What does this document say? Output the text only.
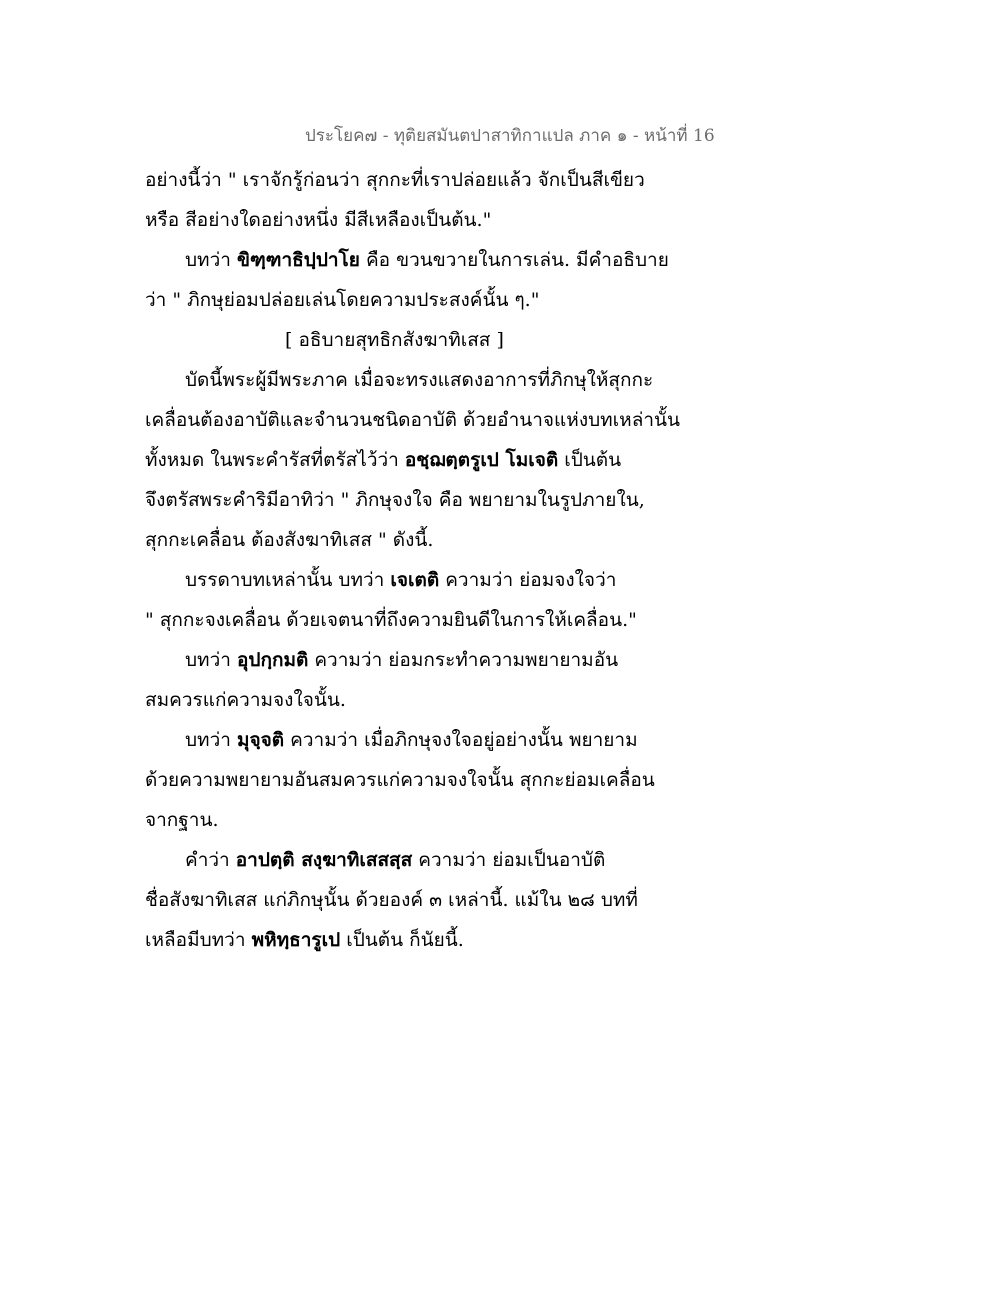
ประโยค๗ - ทุติยสมันตปาสาทิกาแปล ภาค ๑ - หน้าที่ 16
อย่างนี้ว่า " เราจักรู้ก่อนว่า สุกกะที่เราปล่อยแล้ว จักเป็นสีเขียว
หรือ สีอย่างใดอย่างหนึ่ง มีสีเหลืองเป็นต้น."
บทว่า ขิฑฺฑาธิปฺปาโย คือ ขวนขวายในการเล่น. มีคำอธิบาย
ว่า " ภิกษุย่อมปล่อยเล่นโดยความประสงค์นั้น ๆ."
[ อธิบายสุทธิกสังฆาทิเสส ]
บัดนี้พระผู้มีพระภาค เมื่อจะทรงแสดงอาการที่ภิกษุให้สุกกะ
เคลื่อนต้องอาบัติและจำนวนชนิดอาบัติ ด้วยอำนาจแห่งบทเหล่านั้น
ทั้งหมด ในพระคำรัสที่ตรัสไว้ว่า อชฺฌตฺตรูเป โมเจติ เป็นต้น
จึงตรัสพระคำริมีอาทิว่า " ภิกษุจงใจ คือ พยายามในรูปภายใน,
สุกกะเคลื่อน ต้องสังฆาทิเสส " ดังนี้.
บรรดาบทเหล่านั้น บทว่า เจเตติ ความว่า ย่อมจงใจว่า
" สุกกะจงเคลื่อน ด้วยเจตนาที่ถึงความยินดีในการให้เคลื่อน."
บทว่า อุปกฺกมติ ความว่า ย่อมกระทำความพยายามอัน
สมควรแก่ความจงใจนั้น.
บทว่า มุจฺจติ ความว่า เมื่อภิกษุจงใจอยู่อย่างนั้น พยายาม
ด้วยความพยายามอันสมควรแก่ความจงใจนั้น สุกกะย่อมเคลื่อน
จากฐาน.
คำว่า อาปตฺติ สงฺฆาทิเสสสฺส ความว่า ย่อมเป็นอาบัติ
ชื่อสังฆาทิเสส แก่ภิกษุนั้น ด้วยองค์ ๓ เหล่านี้. แม้ใน ๒๘ บทที่
เหลือมีบทว่า พหิทฺธารูเป เป็นต้น ก็นัยนี้.
